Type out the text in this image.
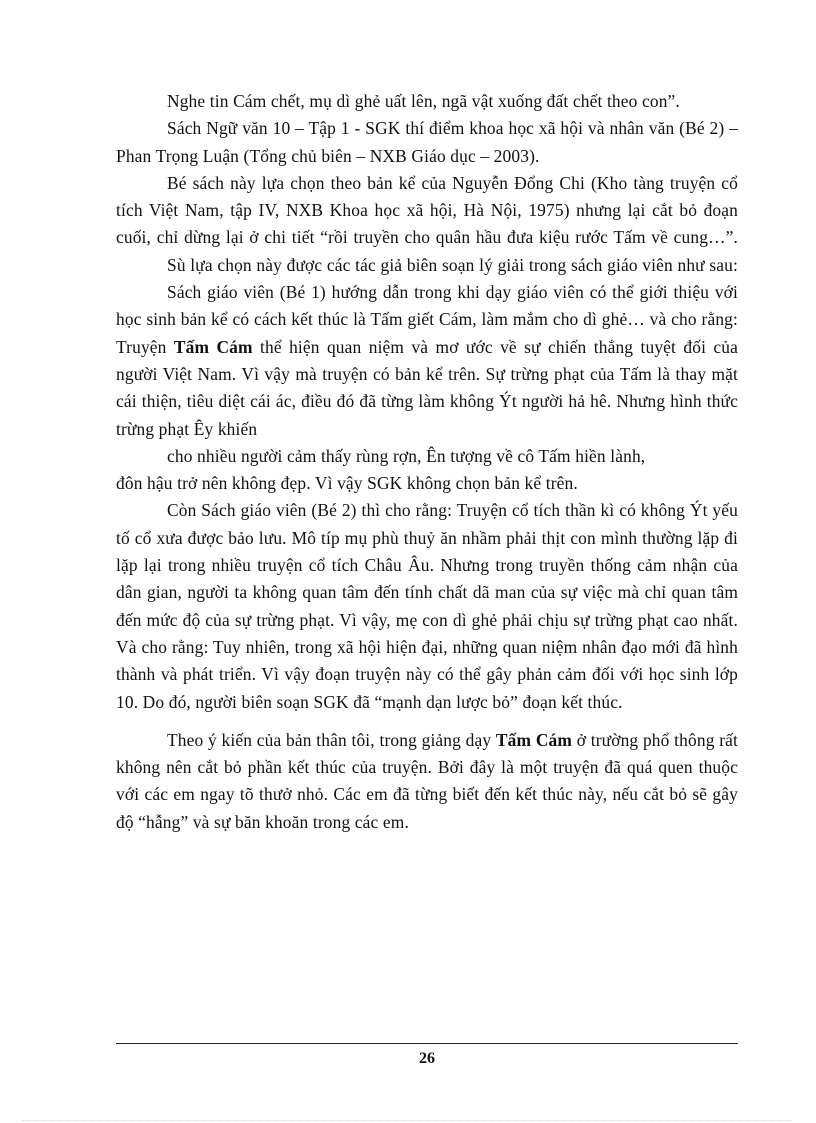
Nghe tin Cám chết, mụ dì ghẻ uất lên, ngã vật xuống đất chết theo con”.

Sách Ngữ văn 10 – Tập 1 - SGK thí điểm khoa học xã hội và nhân văn (Bé 2) – Phan Trọng Luận (Tổng chủ biên – NXB Giáo dục – 2003).

Bé sách này lựa chọn theo bản kể của Nguyễn Đổng Chi (Kho tàng truyện cổ tích Việt Nam, tập IV, NXB Khoa học xã hội, Hà Nội, 1975) nhưng lại cắt bỏ đoạn cuối, chỉ dừng lại ở chi tiết “rồi truyền cho quân hầu đưa kiệu rước Tấm về cung…”.

Sù lựa chọn này được các tác giả biên soạn lý giải trong sách giáo viên như sau:

Sách giáo viên (Bé 1) hướng dẫn trong khi dạy giáo viên có thể giới thiệu với học sinh bản kể có cách kết thúc là Tấm giết Cám, làm mắm cho dì ghẻ… và cho rằng: Truyện Tấm Cám thể hiện quan niệm và mơ ước về sự chiến thắng tuyệt đối của người Việt Nam. Vì vậy mà truyện có bản kể trên. Sự trừng phạt của Tấm là thay mặt cái thiện, tiêu diệt cái ác, điều đó đã từng làm không Ýt người hả hê. Nhưng hình thức trừng phạt Êy khiến

cho nhiều người cảm thấy rùng rợn, Ên tượng về cô Tấm hiền lành,

đôn hậu trở nên không đẹp. Vì vậy SGK không chọn bản kể trên.

Còn Sách giáo viên (Bé 2) thì cho rằng: Truyện cổ tích thần kì có không Ýt yếu tố cổ xưa được bảo lưu. Mô típ mụ phù thuỷ ăn nhầm phải thịt con mình thường lặp đi lặp lại trong nhiều truyện cổ tích Châu Âu. Nhưng trong truyền thống cảm nhận của dân gian, người ta không quan tâm đến tính chất dã man của sự việc mà chỉ quan tâm đến mức độ của sự trừng phạt. Vì vậy, mẹ con dì ghẻ phải chịu sự trừng phạt cao nhất. Và cho rằng: Tuy nhiên, trong xã hội hiện đại, những quan niệm nhân đạo mới đã hình thành và phát triển. Vì vậy đoạn truyện này có thể gây phản cảm đối với học sinh lớp 10. Do đó, người biên soạn SGK đã “mạnh dạn lược bỏ” đoạn kết thúc.

Theo ý kiến của bản thân tôi, trong giảng dạy Tấm Cám ở trường phổ thông rất không nên cắt bỏ phần kết thúc của truyện. Bởi đây là một truyện đã quá quen thuộc với các em ngay tõ thưở nhỏ. Các em đã từng biết đến kết thúc này, nếu cắt bỏ sẽ gây độ “hẫng” và sự băn khoăn trong các em.

26
